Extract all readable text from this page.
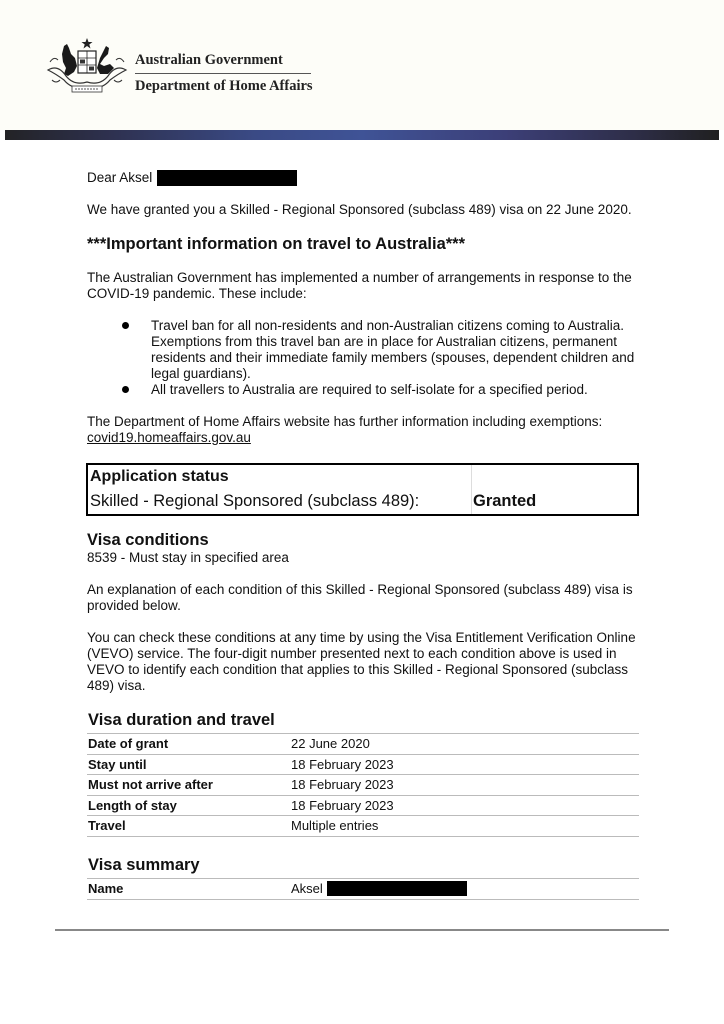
Australian Government
Department of Home Affairs
Dear Aksel

We have granted you a Skilled - Regional Sponsored (subclass 489) visa on 22 June 2020.

***Important information on travel to Australia***

The Australian Government has implemented a number of arrangements in response to the COVID-19 pandemic. These include:

Travel ban for all non-residents and non-Australian citizens coming to Australia. Exemptions from this travel ban are in place for Australian citizens, permanent residents and their immediate family members (spouses, dependent children and legal guardians).
All travellers to Australia are required to self-isolate for a specified period.

The Department of Home Affairs website has further information including exemptions:
covid19.homeaffairs.gov.au

Application status
Skilled - Regional Sponsored (subclass 489):	Granted
Visa conditions
8539 - Must stay in specified area

An explanation of each condition of this Skilled - Regional Sponsored (subclass 489) visa is provided below.

You can check these conditions at any time by using the Visa Entitlement Verification Online (VEVO) service. The four-digit number presented next to each condition above is used in VEVO to identify each condition that applies to this Skilled - Regional Sponsored (subclass 489) visa.

Visa duration and travel
Date of grant	22 June 2020
Stay until	18 February 2023
Must not arrive after	18 February 2023
Length of stay	18 February 2023
Travel	Multiple entries
Visa summary
Name	Aksel
